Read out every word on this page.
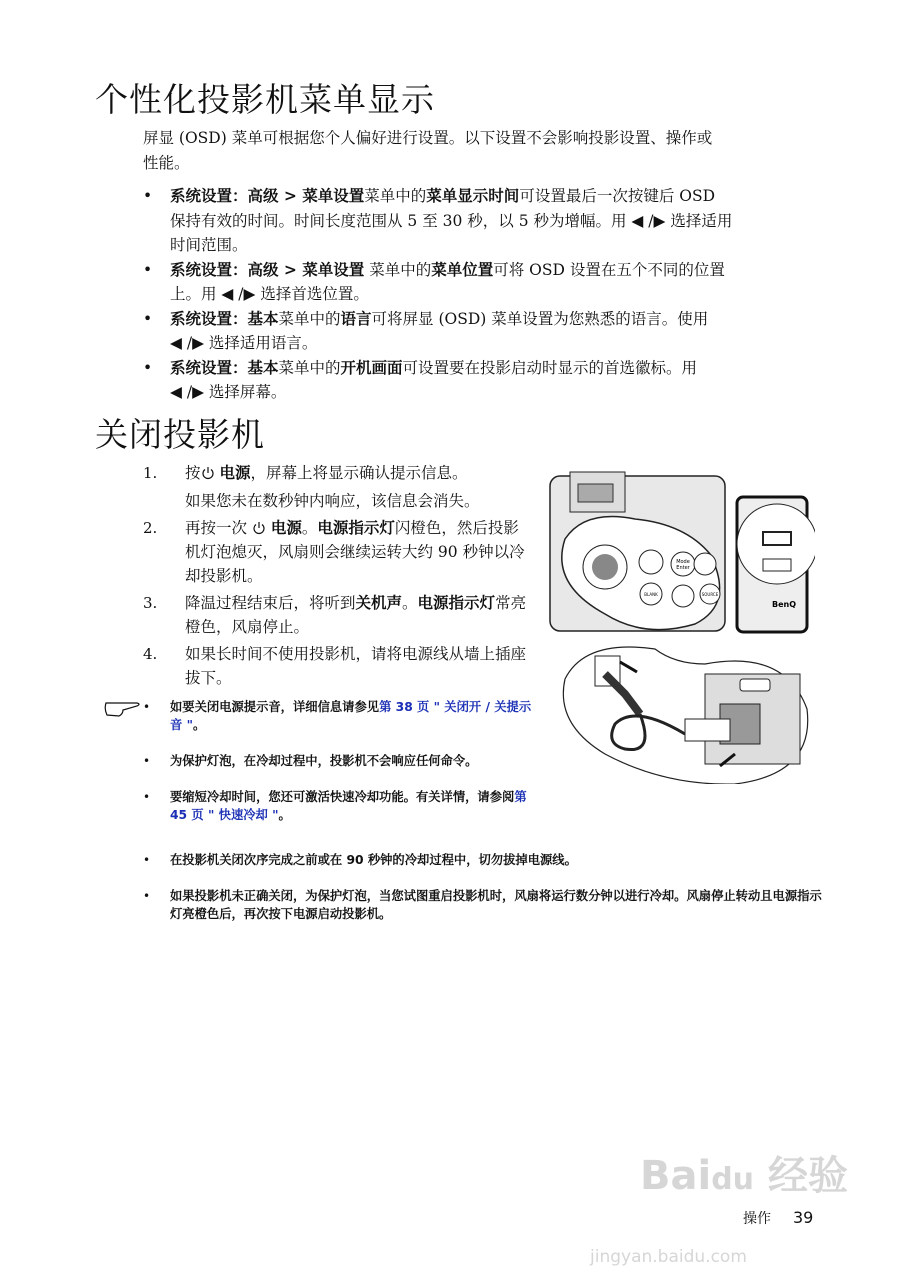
个性化投影机菜单显示
屏显 (OSD) 菜单可根据您个人偏好进行设置。以下设置不会影响投影设置、操作或
性能。
•	系统设置：高级 > 菜单设置菜单中的菜单显示时间可设置最后一次按键后 OSD
保持有效的时间。时间长度范围从 5 至 30 秒，以 5 秒为增幅。用 ◀ /▶ 选择适用
时间范围。
•	系统设置：高级 > 菜单设置 菜单中的菜单位置可将 OSD 设置在五个不同的位置
上。用 ◀ /▶ 选择首选位置。
•	系统设置：基本菜单中的语言可将屏显 (OSD) 菜单设置为您熟悉的语言。使用
◀ /▶ 选择适用语言。
•	系统设置：基本菜单中的开机画面可设置要在投影启动时显示的首选徽标。用
◀ /▶ 选择屏幕。
关闭投影机
1.	按 电源，屏幕上将显示确认提示信息。
如果您未在数秒钟内响应，该信息会消失。
2.	再按一次  电源。电源指示灯闪橙色，然后投影机灯泡熄灭，风扇则会继续运转大约 90 秒钟以冷却投影机。
3.	降温过程结束后，将听到关机声。电源指示灯常亮橙色，风扇停止。
4.	如果长时间不使用投影机，请将电源线从墙上插座拔下。
•	如要关闭电源提示音，详细信息请参见第 38 页 " 关闭开 / 关提示音 "。
•	为保护灯泡，在冷却过程中，投影机不会响应任何命令。
•	要缩短冷却时间，您还可激活快速冷却功能。有关详情，请参阅第 45 页 " 快速冷却 "。
•	在投影机关闭次序完成之前或在 90 秒钟的冷却过程中，切勿拔掉电源线。
•	如果投影机未正确关闭，为保护灯泡，当您试图重启投影机时，风扇将运行数分钟以进行冷却。风扇停止转动且电源指示灯亮橙色后，再次按下电源启动投影机。
Mode
Enter
BLANK	SOURCE
BenQ
Baidu 经验
jingyan.baidu.com
操作 39
